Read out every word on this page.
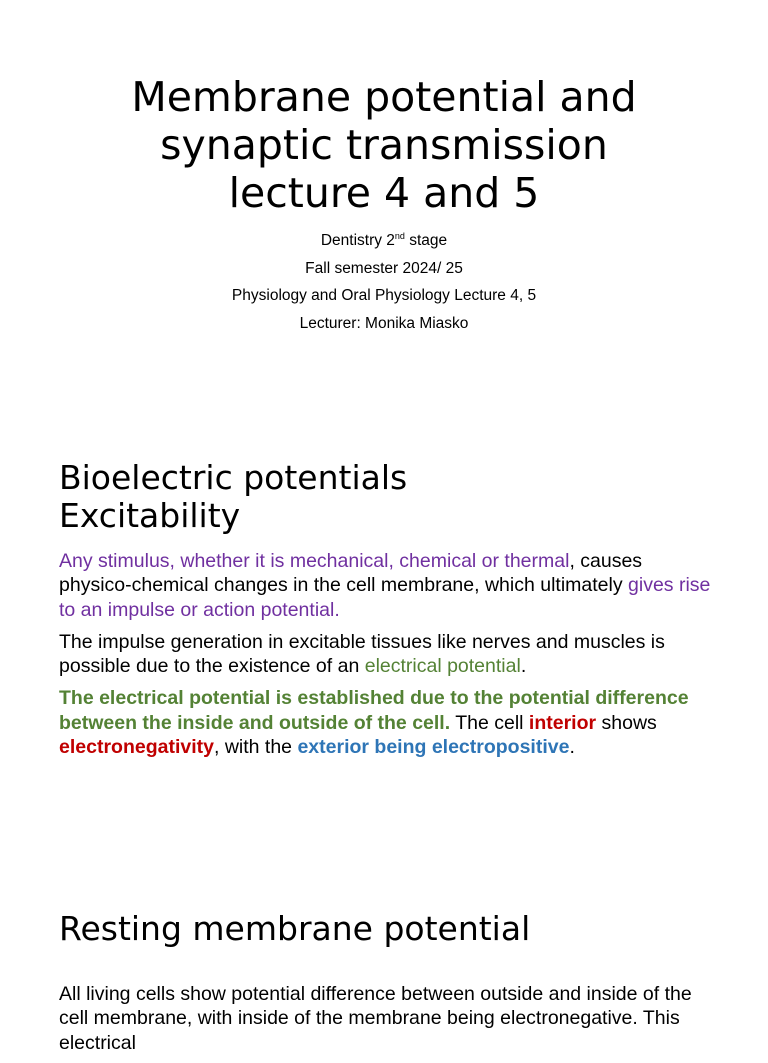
Membrane potential and
synaptic transmission
lecture 4 and 5
Dentistry 2nd stage
Fall semester 2024/ 25
Physiology and Oral Physiology Lecture 4, 5
Lecturer: Monika Miasko
Bioelectric potentials
Excitability

Any stimulus, whether it is mechanical, chemical or thermal, causes physico-chemical changes in the cell membrane, which ultimately gives rise to an impulse or action potential.

The impulse generation in excitable tissues like nerves and muscles is possible due to the existence of an electrical potential.

The electrical potential is established due to the potential difference between the inside and outside of the cell. The cell interior shows electronegativity, with the exterior being electropositive.

Resting membrane potential

All living cells show potential difference between outside and inside of the cell membrane, with inside of the membrane being electronegative. This electrical
